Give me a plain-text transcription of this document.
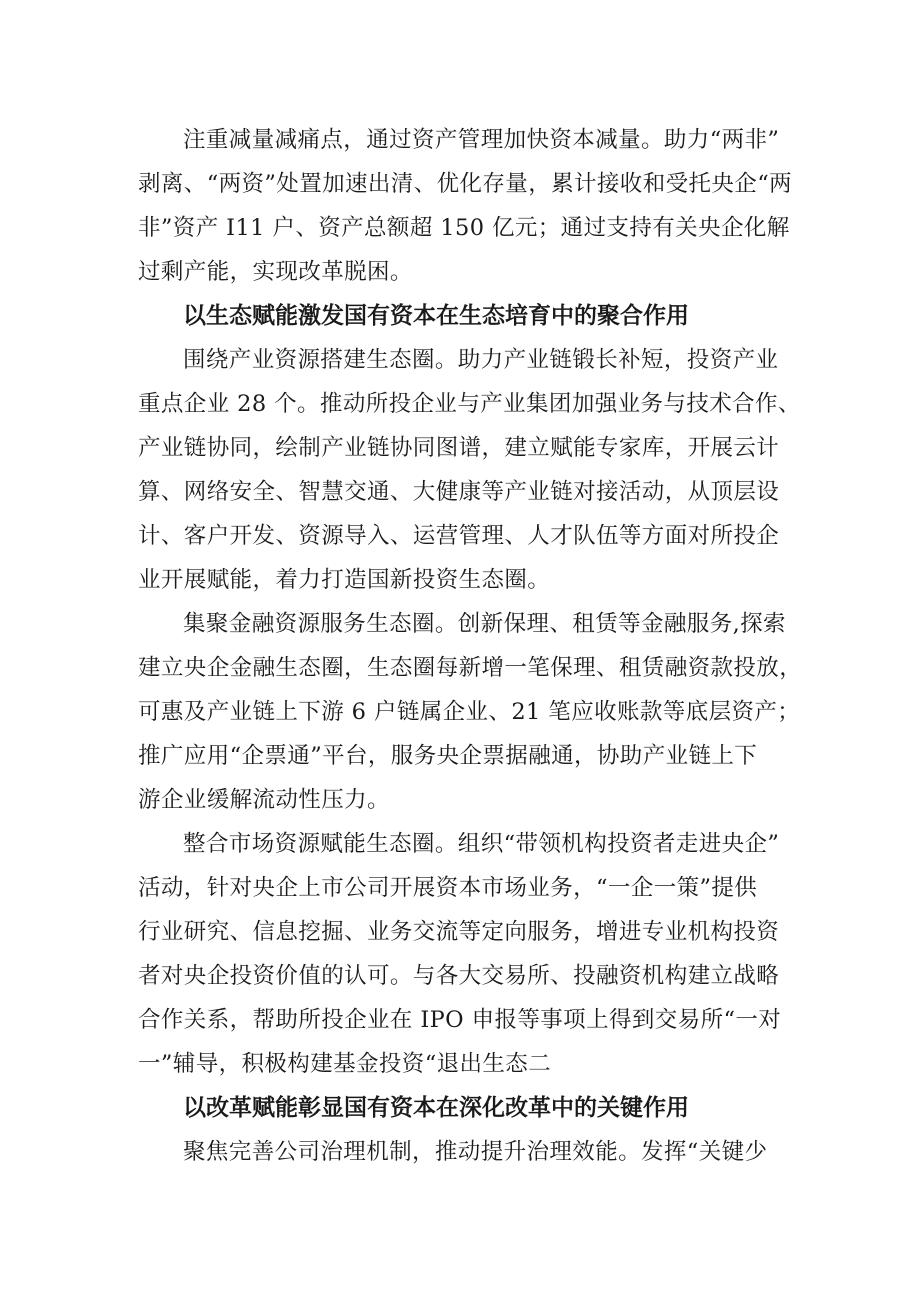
注重减量减痛点，通过资产管理加快资本减量。助力“两非”
剥离、“两资”处置加速出清、优化存量，累计接收和受托央企“两
非”资产 I11 户、资产总额超 150 亿元；通过支持有关央企化解
过剩产能，实现改革脱困。

以生态赋能激发国有资本在生态培育中的聚合作用

围绕产业资源搭建生态圈。助力产业链锻长补短，投资产业
重点企业 28 个。推动所投企业与产业集团加强业务与技术合作、
产业链协同，绘制产业链协同图谱，建立赋能专家库，开展云计
算、网络安全、智慧交通、大健康等产业链对接活动，从顶层设
计、客户开发、资源导入、运营管理、人才队伍等方面对所投企
业开展赋能，着力打造国新投资生态圈。

集聚金融资源服务生态圈。创新保理、租赁等金融服务,探索
建立央企金融生态圈，生态圈每新增一笔保理、租赁融资款投放，
可惠及产业链上下游 6 户链属企业、21 笔应收账款等底层资产；
推广应用“企票通”平台，服务央企票据融通，协助产业链上下
游企业缓解流动性压力。

整合市场资源赋能生态圈。组织“带领机构投资者走进央企”
活动，针对央企上市公司开展资本市场业务，“一企一策”提供
行业研究、信息挖掘、业务交流等定向服务，增进专业机构投资
者对央企投资价值的认可。与各大交易所、投融资机构建立战略
合作关系，帮助所投企业在 IPO 申报等事项上得到交易所“一对
一”辅导，积极构建基金投资“退出生态二

以改革赋能彰显国有资本在深化改革中的关键作用

聚焦完善公司治理机制，推动提升治理效能。发挥“关键少
